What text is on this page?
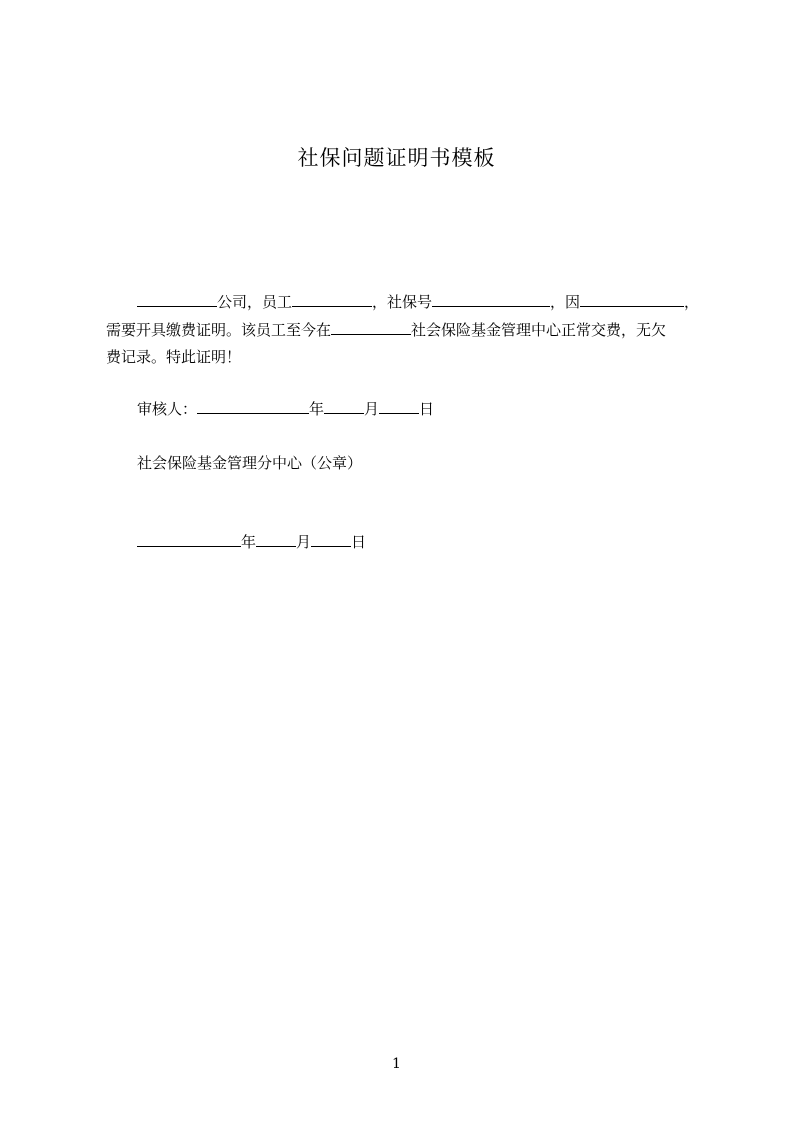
社保问题证明书模板
公司，员工	，社保号	，因	，
需要开具缴费证明。该员工至今在	社会保险基金管理中心正常交费，无欠
费记录。特此证明！
审核人：	年	月	日
社会保险基金管理分中心（公章）
年	月	日
1
